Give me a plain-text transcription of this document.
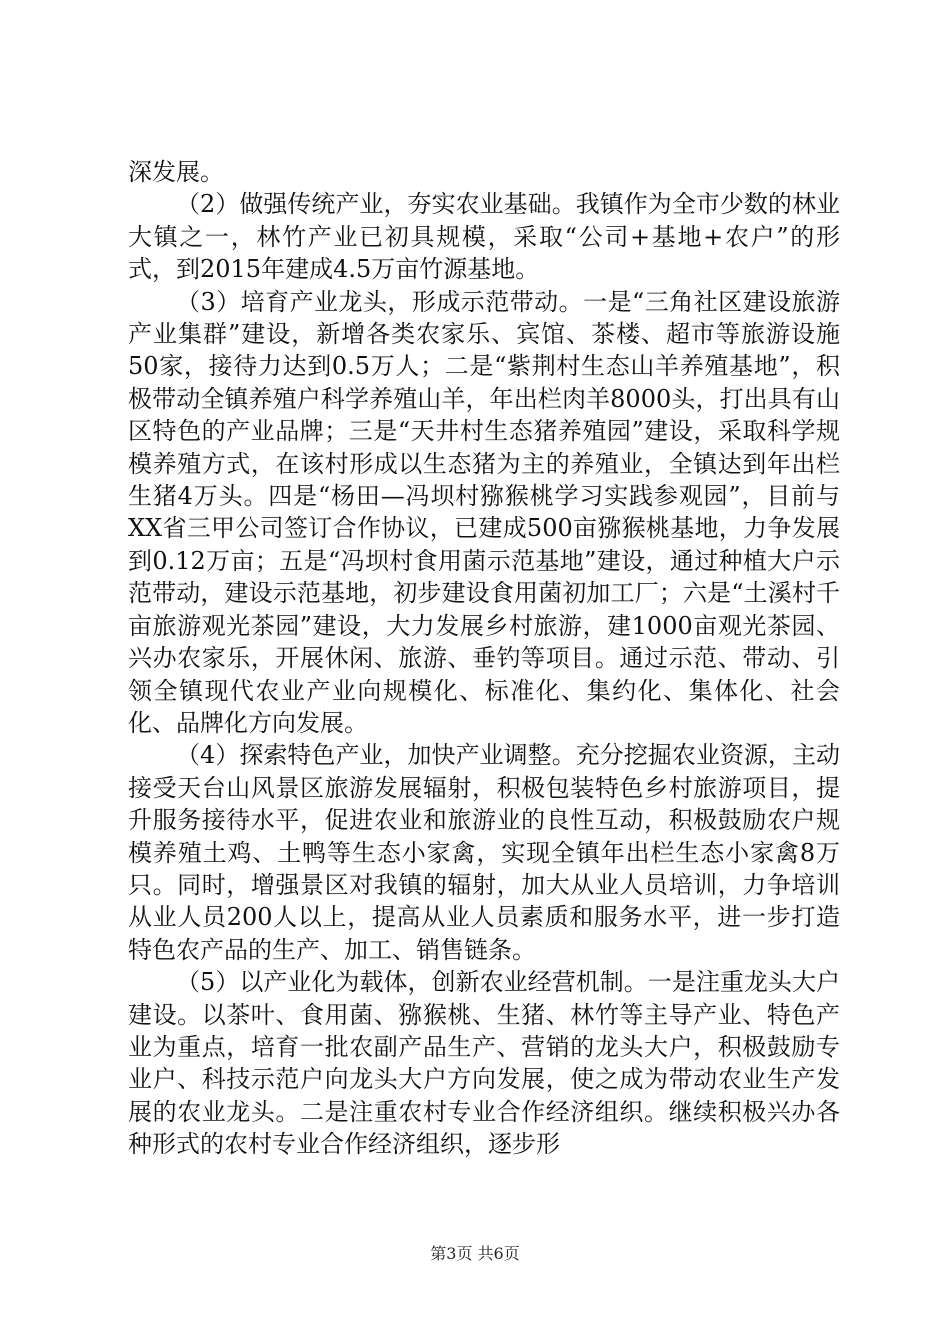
深发展。

（2）做强传统产业，夯实农业基础。我镇作为全市少数的林业大镇之一，林竹产业已初具规模，采取“公司+基地+农户”的形式，到2015年建成4.5万亩竹源基地。

（3）培育产业龙头，形成示范带动。一是“三角社区建设旅游产业集群”建设，新增各类农家乐、宾馆、茶楼、超市等旅游设施50家，接待力达到0.5万人；二是“紫荆村生态山羊养殖基地”，积极带动全镇养殖户科学养殖山羊，年出栏肉羊8000头，打出具有山区特色的产业品牌；三是“天井村生态猪养殖园”建设，采取科学规模养殖方式，在该村形成以生态猪为主的养殖业，全镇达到年出栏生猪4万头。四是“杨田—冯坝村猕猴桃学习实践参观园”，目前与XX省三甲公司签订合作协议，已建成500亩猕猴桃基地，力争发展到0.12万亩；五是“冯坝村食用菌示范基地”建设，通过种植大户示范带动，建设示范基地，初步建设食用菌初加工厂；六是“土溪村千亩旅游观光茶园”建设，大力发展乡村旅游，建1000亩观光茶园、兴办农家乐，开展休闲、旅游、垂钓等项目。通过示范、带动、引领全镇现代农业产业向规模化、标准化、集约化、集体化、社会化、品牌化方向发展。

（4）探索特色产业，加快产业调整。充分挖掘农业资源，主动接受天台山风景区旅游发展辐射，积极包装特色乡村旅游项目，提升服务接待水平，促进农业和旅游业的良性互动，积极鼓励农户规模养殖土鸡、土鸭等生态小家禽，实现全镇年出栏生态小家禽8万只。同时，增强景区对我镇的辐射，加大从业人员培训，力争培训从业人员200人以上，提高从业人员素质和服务水平，进一步打造特色农产品的生产、加工、销售链条。

（5）以产业化为载体，创新农业经营机制。一是注重龙头大户建设。以茶叶、食用菌、猕猴桃、生猪、林竹等主导产业、特色产业为重点，培育一批农副产品生产、营销的龙头大户，积极鼓励专业户、科技示范户向龙头大户方向发展，使之成为带动农业生产发展的农业龙头。二是注重农村专业合作经济组织。继续积极兴办各种形式的农村专业合作经济组织，逐步形

第3页 共6页
